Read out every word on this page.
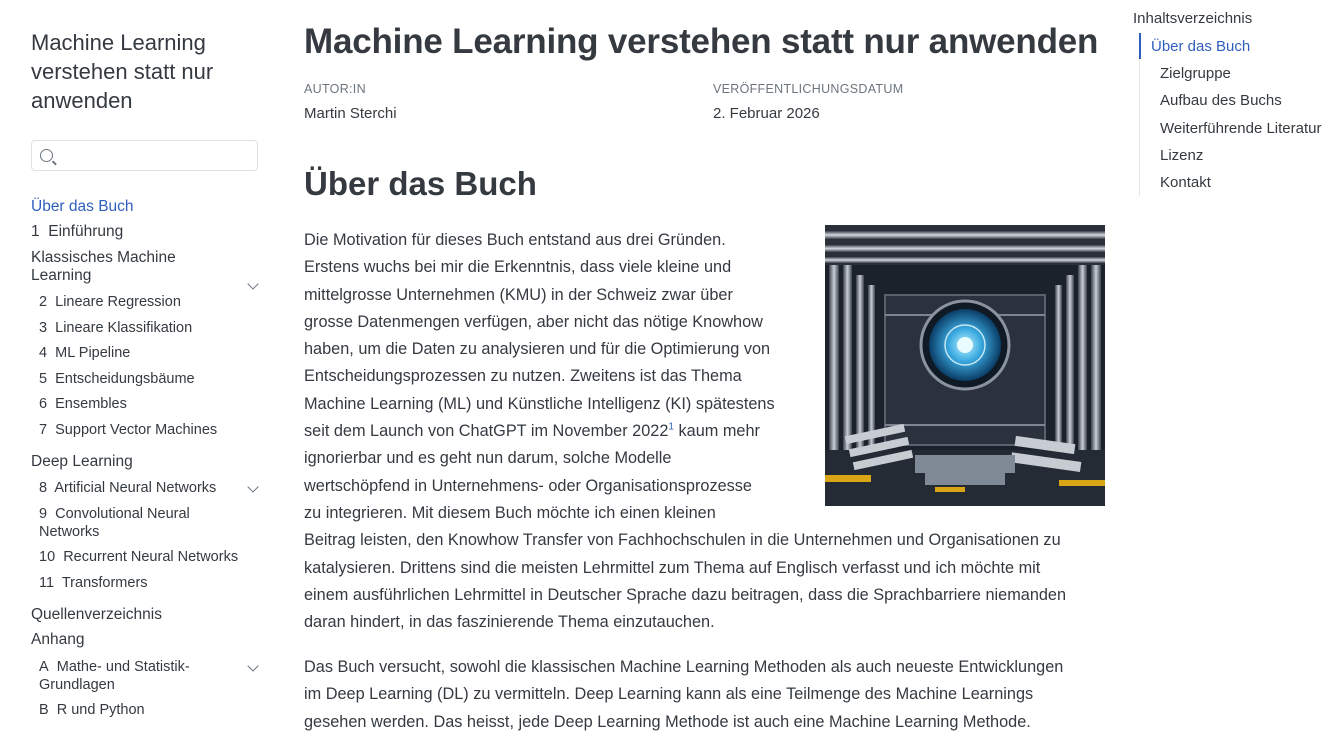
Machine Learning
verstehen statt nur
anwenden
Über das Buch
1 Einführung
Klassisches Machine Learning
2 Lineare Regression
3 Lineare Klassifikation
4 ML Pipeline
5 Entscheidungsbäume
6 Ensembles
7 Support Vector Machines
Deep Learning
8 Artificial Neural Networks
9 Convolutional Neural Networks
10 Recurrent Neural Networks
11 Transformers
Quellenverzeichnis
Anhang
A Mathe- und Statistik-Grundlagen
B R und Python
Machine Learning verstehen statt nur anwenden
AUTOR:IN
Martin Sterchi
VERÖFFENTLICHUNGSDATUM
2. Februar 2026
Über das Buch

Die Motivation für dieses Buch entstand aus drei Gründen.
Erstens wuchs bei mir die Erkenntnis, dass viele kleine und
mittelgrosse Unternehmen (KMU) in der Schweiz zwar über
grosse Datenmengen verfügen, aber nicht das nötige Knowhow
haben, um die Daten zu analysieren und für die Optimierung von
Entscheidungsprozessen zu nutzen. Zweitens ist das Thema
Machine Learning (ML) und Künstliche Intelligenz (KI) spätestens
seit dem Launch von ChatGPT im November 2022$^1$ kaum mehr
ignorierbar und es geht nun darum, solche Modelle
wertschöpfend in Unternehmens- oder Organisationsprozesse
zu integrieren. Mit diesem Buch möchte ich einen kleinen
Beitrag leisten, den Knowhow Transfer von Fachhochschulen in die Unternehmen und Organisationen zu
katalysieren. Drittens sind die meisten Lehrmittel zum Thema auf Englisch verfasst und ich möchte mit
einem ausführlichen Lehrmittel in Deutscher Sprache dazu beitragen, dass die Sprachbarriere niemanden
daran hindert, in das faszinierende Thema einzutauchen.

Das Buch versucht, sowohl die klassischen Machine Learning Methoden als auch neueste Entwicklungen
im Deep Learning (DL) zu vermitteln. Deep Learning kann als eine Teilmenge des Machine Learnings
gesehen werden. Das heisst, jede Deep Learning Methode ist auch eine Machine Learning Methode.

Inhaltsverzeichnis
Über das Buch
Zielgruppe
Aufbau des Buchs
Weiterführende Literatur
Lizenz
Kontakt
